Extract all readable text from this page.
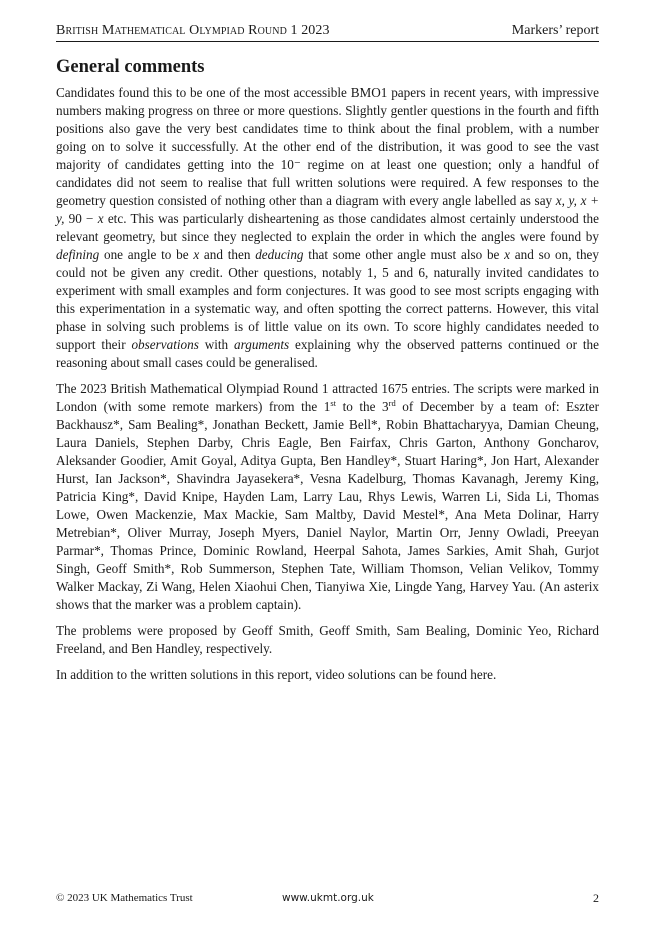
British Mathematical Olympiad Round 1 2023	Markers’ report
General comments

Candidates found this to be one of the most accessible BMO1 papers in recent years, with impressive numbers making progress on three or more questions. Slightly gentler questions in the fourth and fifth positions also gave the very best candidates time to think about the final problem, with a number going on to solve it successfully. At the other end of the distribution, it was good to see the vast majority of candidates getting into the 10⁻ regime on at least one question; only a handful of candidates did not seem to realise that full written solutions were required. A few responses to the geometry question consisted of nothing other than a diagram with every angle labelled as say x, y, x + y, 90 − x etc. This was particularly disheartening as those candidates almost certainly understood the relevant geometry, but since they neglected to explain the order in which the angles were found by defining one angle to be x and then deducing that some other angle must also be x and so on, they could not be given any credit. Other questions, notably 1, 5 and 6, naturally invited candidates to experiment with small examples and form conjectures. It was good to see most scripts engaging with this experimentation in a systematic way, and often spotting the correct patterns. However, this vital phase in solving such problems is of little value on its own. To score highly candidates needed to support their observations with arguments explaining why the observed patterns continued or the reasoning about small cases could be generalised.

The 2023 British Mathematical Olympiad Round 1 attracted 1675 entries. The scripts were marked in London (with some remote markers) from the 1st to the 3rd of December by a team of: Eszter Backhausz*, Sam Bealing*, Jonathan Beckett, Jamie Bell*, Robin Bhattacharyya, Damian Cheung, Laura Daniels, Stephen Darby, Chris Eagle, Ben Fairfax, Chris Garton, Anthony Goncharov, Aleksander Goodier, Amit Goyal, Aditya Gupta, Ben Handley*, Stuart Haring*, Jon Hart, Alexander Hurst, Ian Jackson*, Shavindra Jayasekera*, Vesna Kadelburg, Thomas Kavanagh, Jeremy King, Patricia King*, David Knipe, Hayden Lam, Larry Lau, Rhys Lewis, Warren Li, Sida Li, Thomas Lowe, Owen Mackenzie, Max Mackie, Sam Maltby, David Mestel*, Ana Meta Dolinar, Harry Metrebian*, Oliver Murray, Joseph Myers, Daniel Naylor, Martin Orr, Jenny Owladi, Preeyan Parmar*, Thomas Prince, Dominic Rowland, Heerpal Sahota, James Sarkies, Amit Shah, Gurjot Singh, Geoff Smith*, Rob Summerson, Stephen Tate, William Thomson, Velian Velikov, Tommy Walker Mackay, Zi Wang, Helen Xiaohui Chen, Tianyiwa Xie, Lingde Yang, Harvey Yau. (An asterix shows that the marker was a problem captain).

The problems were proposed by Geoff Smith, Geoff Smith, Sam Bealing, Dominic Yeo, Richard Freeland, and Ben Handley, respectively.

In addition to the written solutions in this report, video solutions can be found here.

© 2023 UK Mathematics Trust	www.ukmt.org.uk	2
